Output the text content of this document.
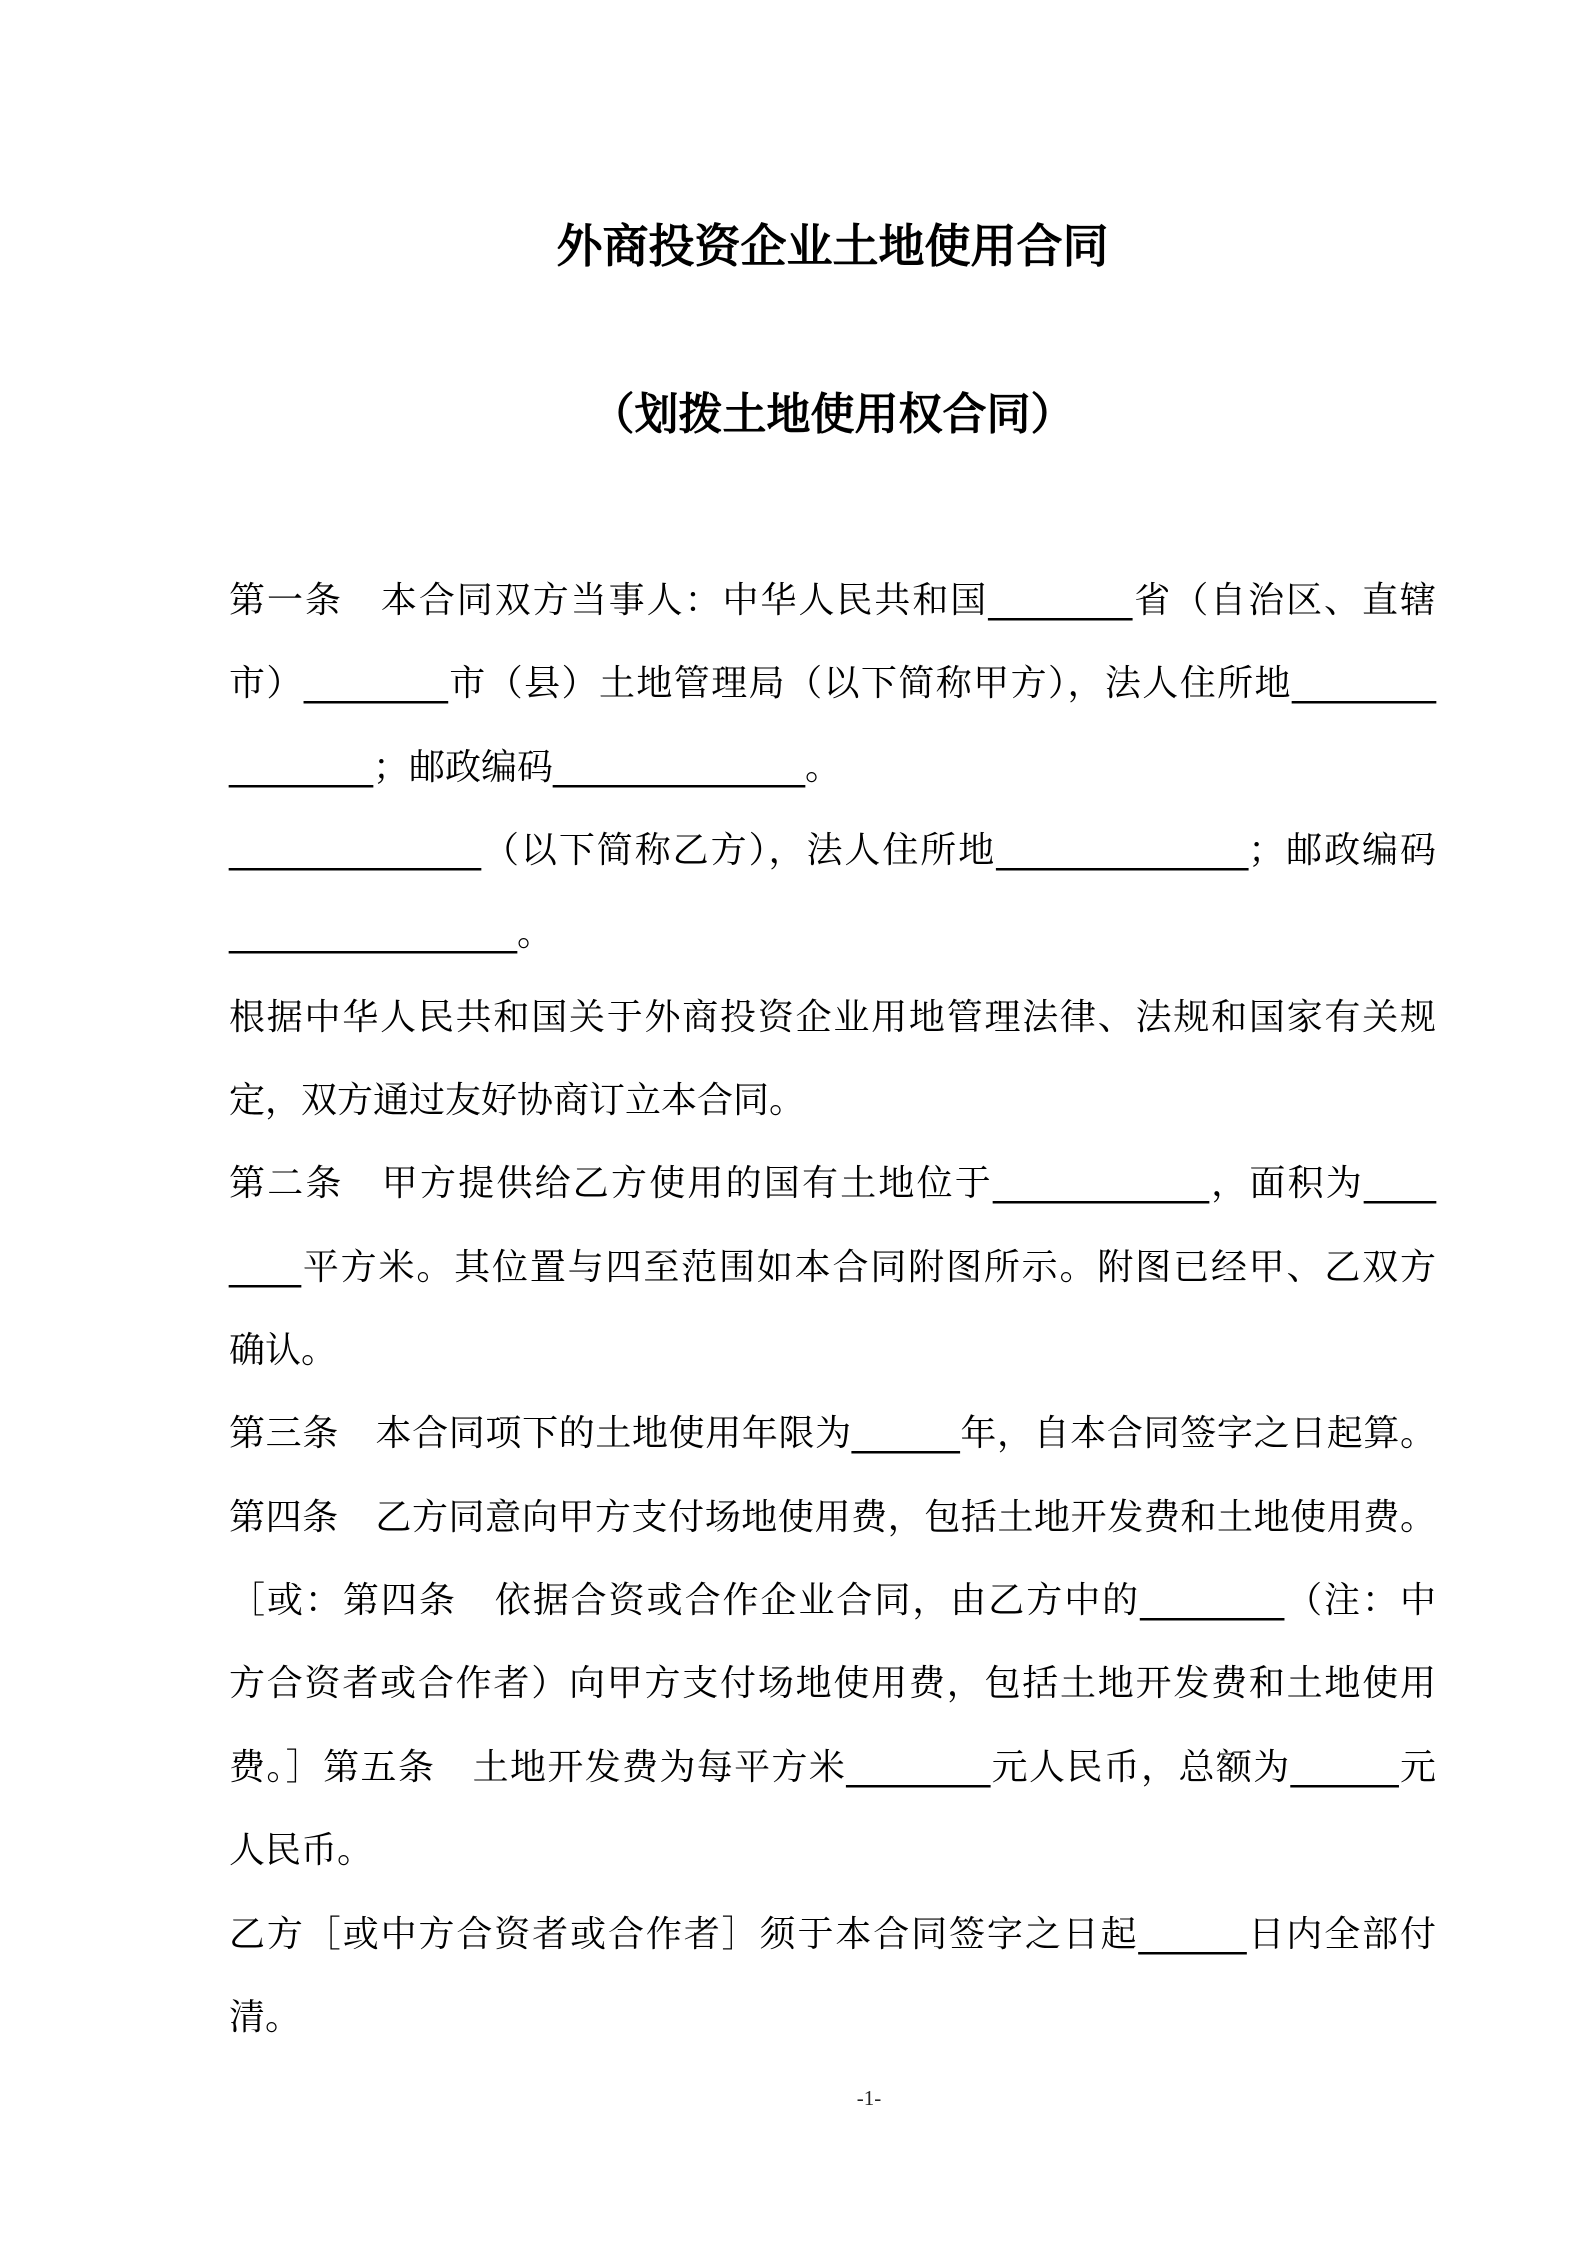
外商投资企业土地使用合同
（划拨土地使用权合同）
第一条　本合同双方当事人：中华人民共和国________省（自治区、直辖
市）________市（县）土地管理局（以下简称甲方），法人住所地________
________；邮政编码______________。
______________（以下简称乙方），法人住所地______________；邮政编码
________________。
根据中华人民共和国关于外商投资企业用地管理法律、法规和国家有关规
定，双方通过友好协商订立本合同。
第二条　甲方提供给乙方使用的国有土地位于____________，面积为____
____平方米。其位置与四至范围如本合同附图所示。附图已经甲、乙双方
确认。
第三条　本合同项下的土地使用年限为______年，自本合同签字之日起算。
第四条　乙方同意向甲方支付场地使用费，包括土地开发费和土地使用费。
［或：第四条　依据合资或合作企业合同，由乙方中的________（注：中
方合资者或合作者）向甲方支付场地使用费，包括土地开发费和土地使用
费。］第五条　土地开发费为每平方米________元人民币，总额为______元
人民币。
乙方［或中方合资者或合作者］须于本合同签字之日起______日内全部付
清。
-1-
